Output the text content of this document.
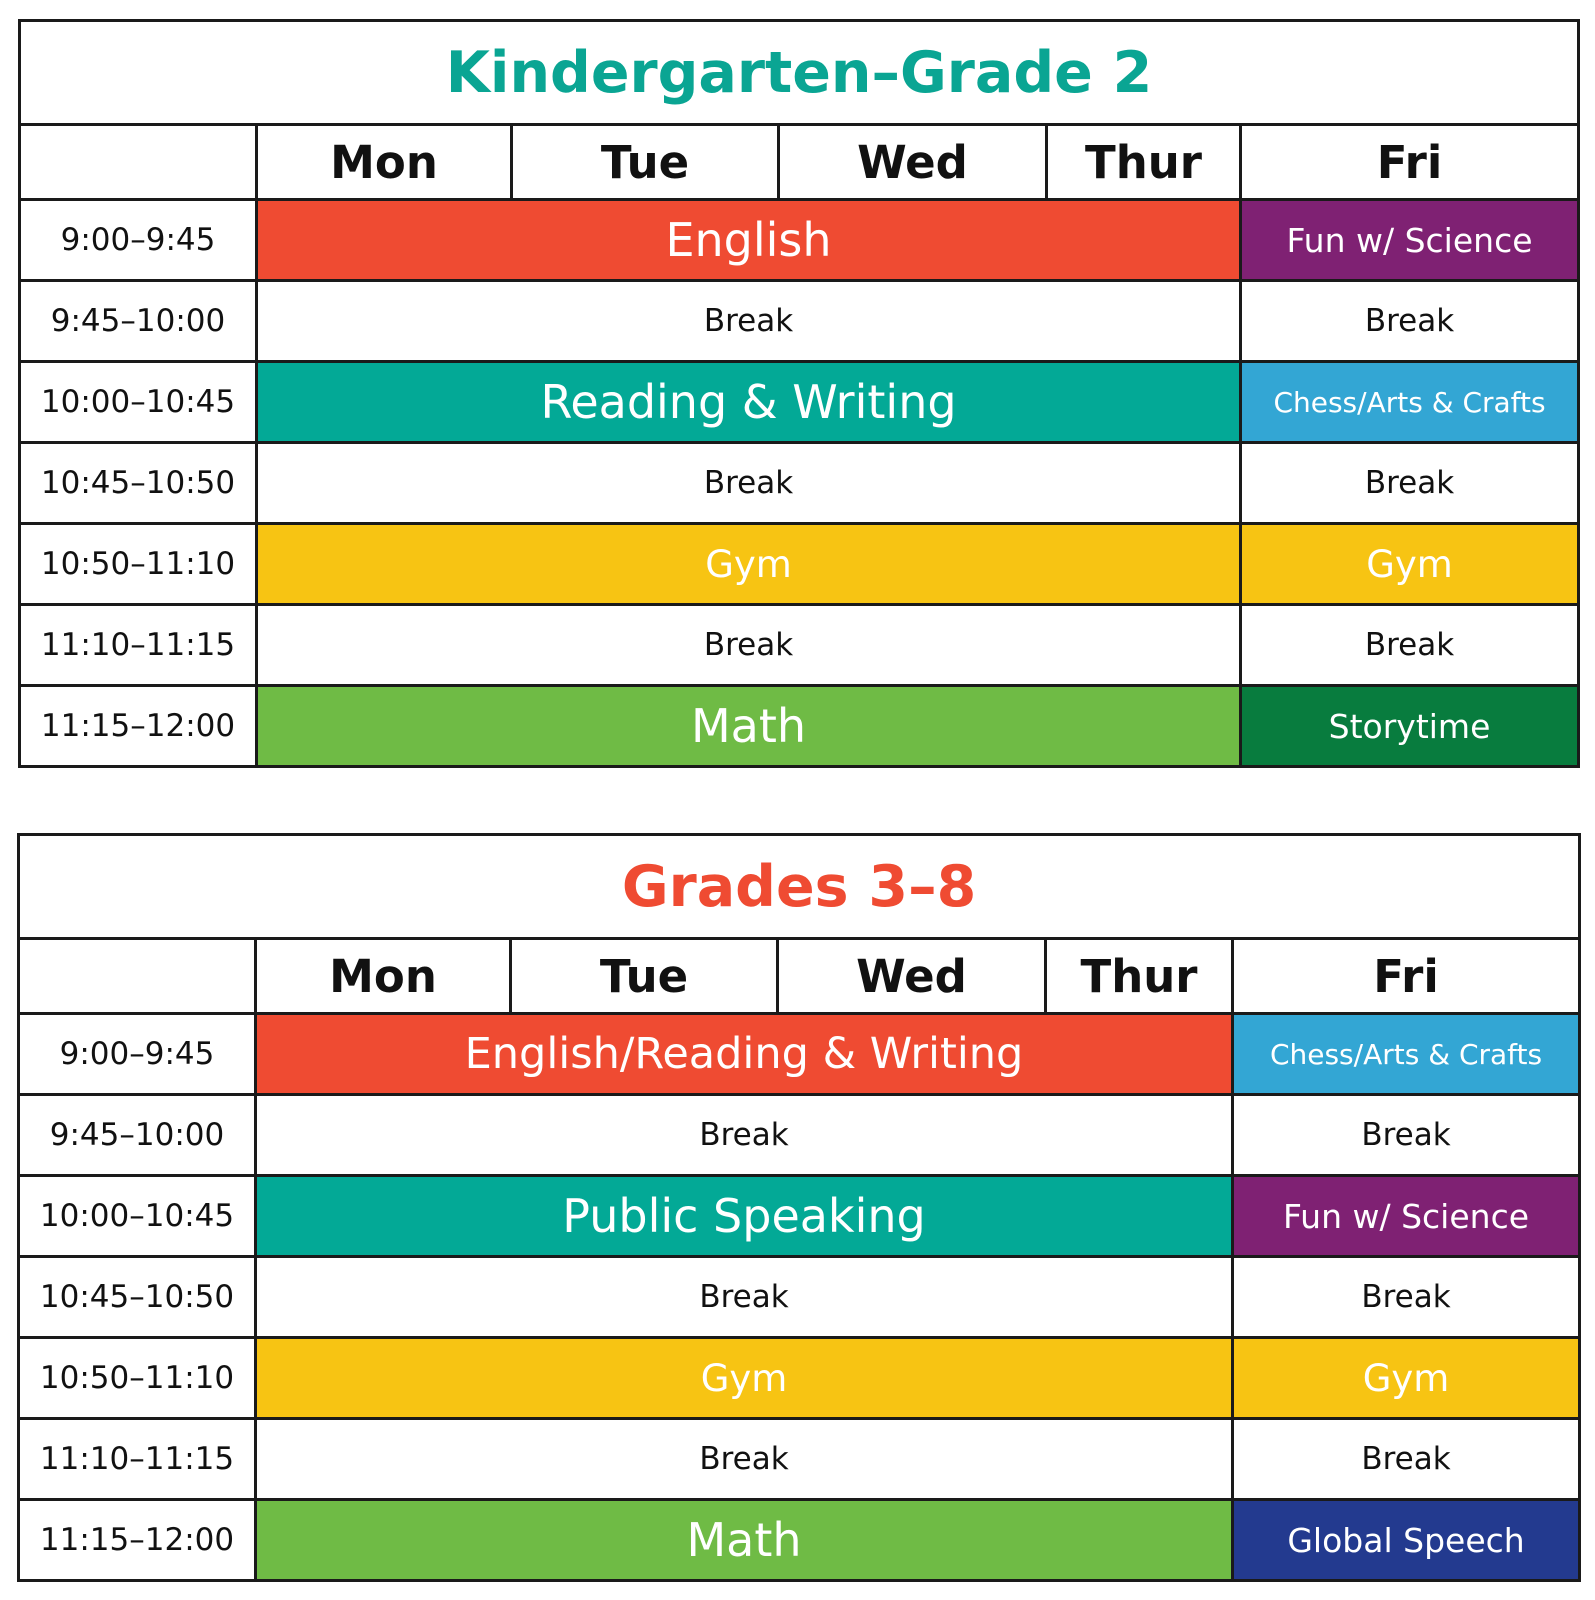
Kindergarten–Grade 2					
	Mon	Tue	Wed	Thur	Fri
9:00–9:45	English				Fun w/ Science
9:45–10:00	Break				Break
10:00–10:45	Reading & Writing				Chess/Arts & Crafts
10:45–10:50	Break				Break
10:50–11:10	Gym				Gym
11:10–11:15	Break				Break
11:15–12:00	Math				Storytime
Grades 3–8					
	Mon	Tue	Wed	Thur	Fri
9:00–9:45	English/Reading & Writing				Chess/Arts & Crafts
9:45–10:00	Break				Break
10:00–10:45	Public Speaking				Fun w/ Science
10:45–10:50	Break				Break
10:50–11:10	Gym				Gym
11:10–11:15	Break				Break
11:15–12:00	Math				Global Speech
